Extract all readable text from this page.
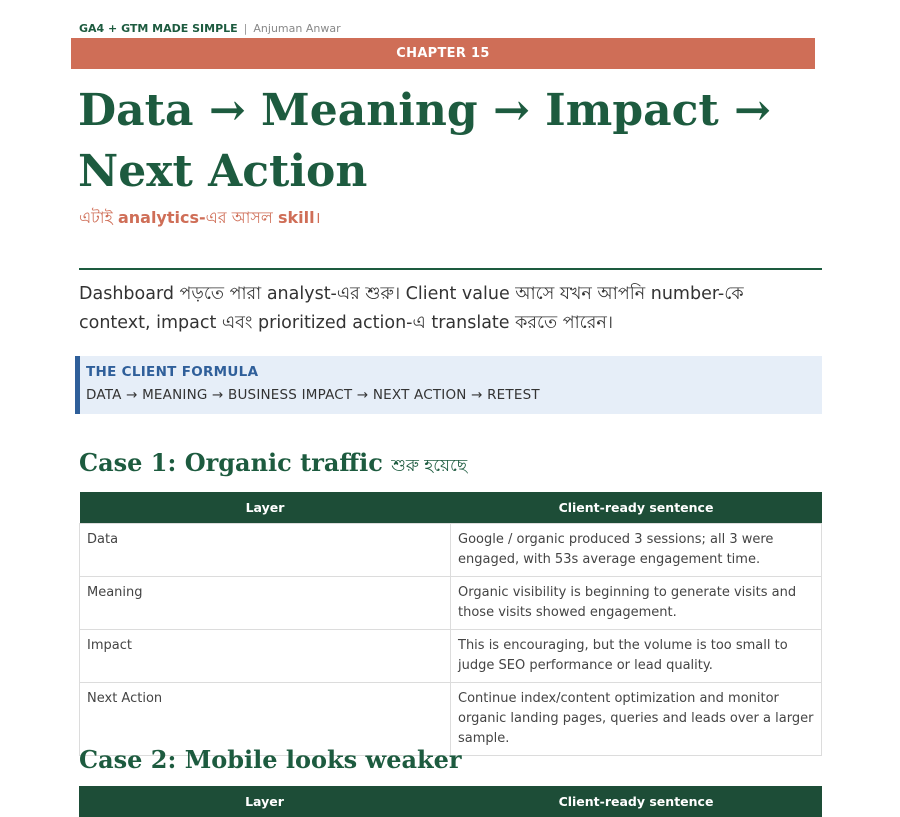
GA4 + GTM MADE SIMPLE | Anjuman Anwar
CHAPTER 15
Data → Meaning → Impact → Next Action
এটাই analytics-এর আসল skill।

Dashboard পড়তে পারা analyst-এর শুরু। Client value আসে যখন আপনি number-কে context, impact এবং prioritized action-এ translate করতে পারেন।

THE CLIENT FORMULA
DATA → MEANING → BUSINESS IMPACT → NEXT ACTION → RETEST
Case 1: Organic traffic শুরু হয়েছে
Layer	Client-ready sentence
Data	Google / organic produced 3 sessions; all 3 were engaged, with 53s average engagement time.
Meaning	Organic visibility is beginning to generate visits and those visits showed engagement.
Impact	This is encouraging, but the volume is too small to judge SEO performance or lead quality.
Next Action	Continue index/content optimization and monitor organic landing pages, queries and leads over a larger sample.
Case 2: Mobile looks weaker
Layer	Client-ready sentence
